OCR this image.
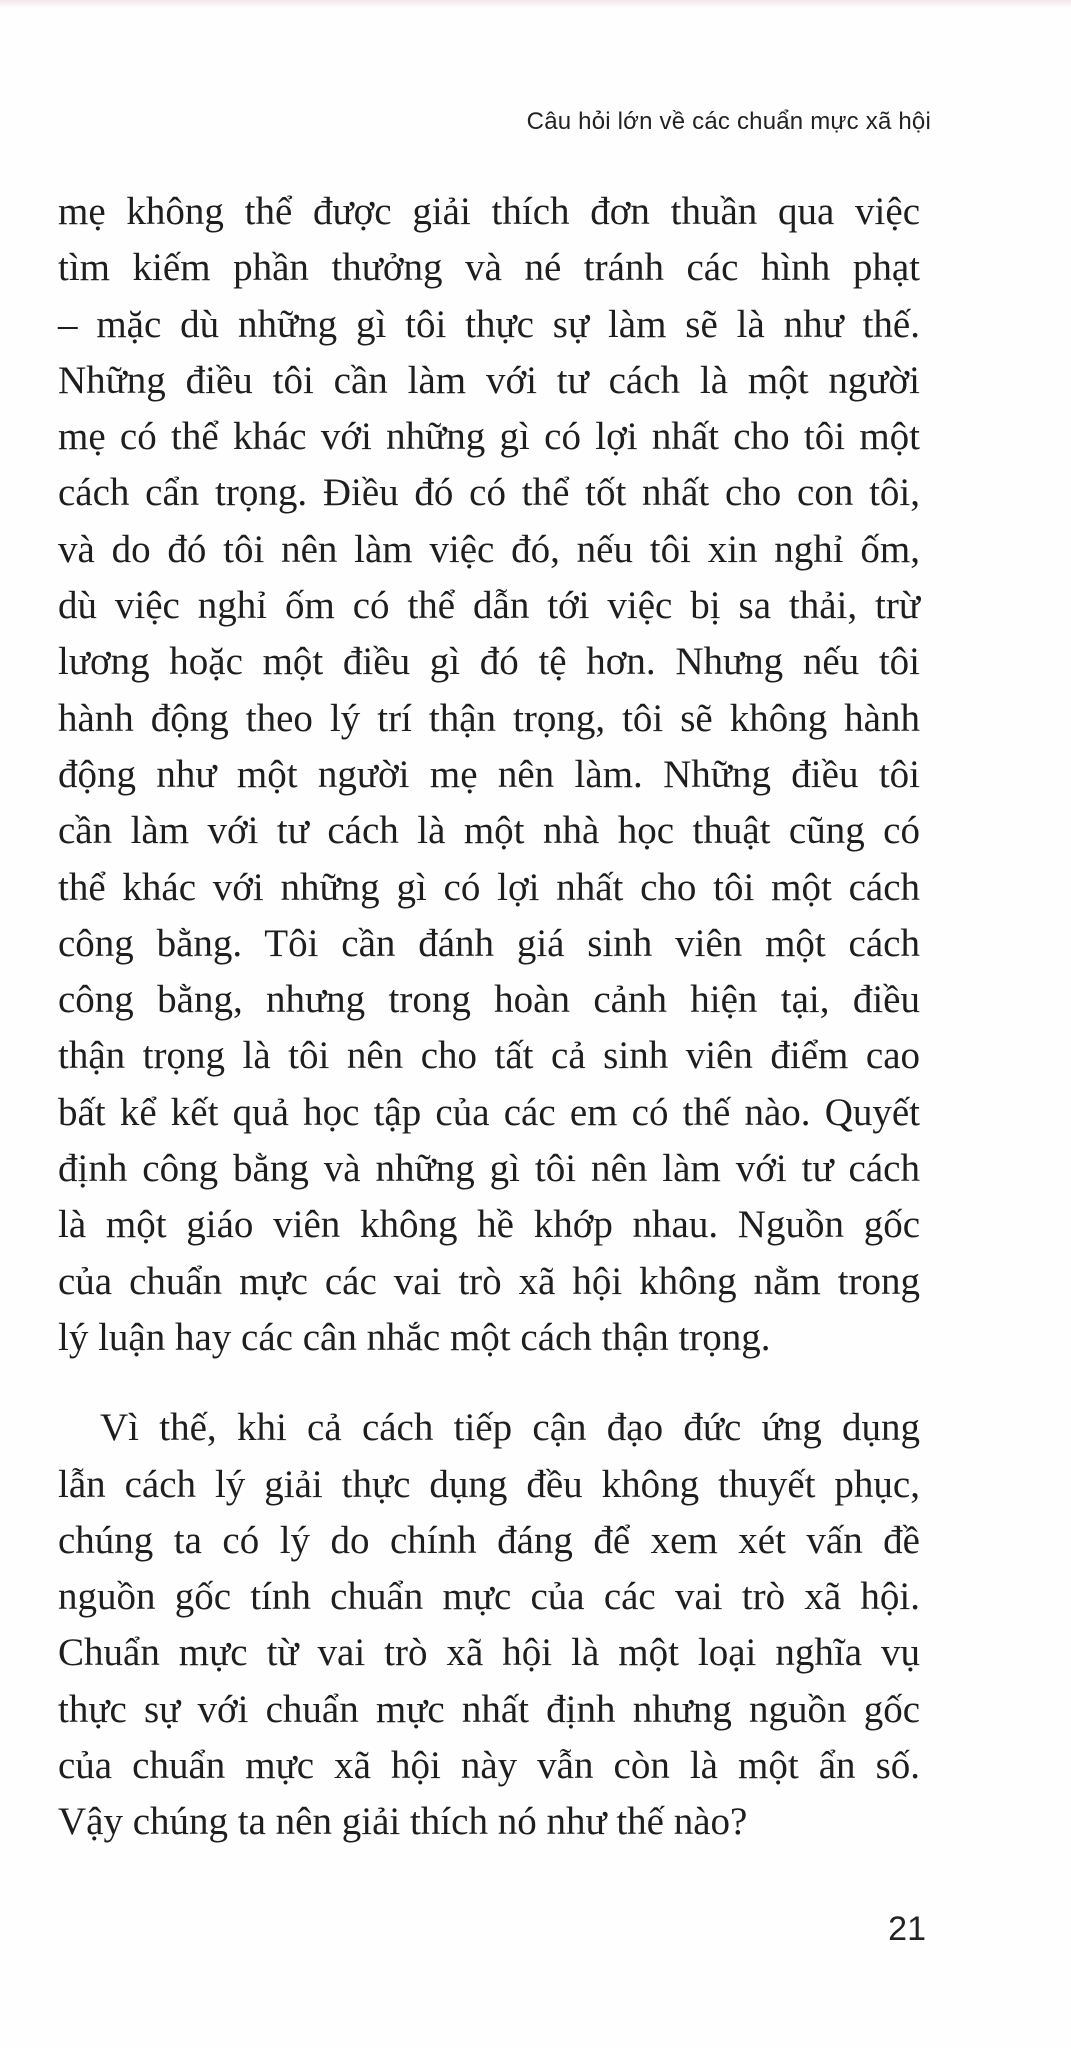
Câu hỏi lớn về các chuẩn mực xã hội
mẹ không thể được giải thích đơn thuần qua việc
tìm kiếm phần thưởng và né tránh các hình phạt
– mặc dù những gì tôi thực sự làm sẽ là như thế.
Những điều tôi cần làm với tư cách là một người
mẹ có thể khác với những gì có lợi nhất cho tôi một
cách cẩn trọng. Điều đó có thể tốt nhất cho con tôi,
và do đó tôi nên làm việc đó, nếu tôi xin nghỉ ốm,
dù việc nghỉ ốm có thể dẫn tới việc bị sa thải, trừ
lương hoặc một điều gì đó tệ hơn. Nhưng nếu tôi
hành động theo lý trí thận trọng, tôi sẽ không hành
động như một người mẹ nên làm. Những điều tôi
cần làm với tư cách là một nhà học thuật cũng có
thể khác với những gì có lợi nhất cho tôi một cách
công bằng. Tôi cần đánh giá sinh viên một cách
công bằng, nhưng trong hoàn cảnh hiện tại, điều
thận trọng là tôi nên cho tất cả sinh viên điểm cao
bất kể kết quả học tập của các em có thế nào. Quyết
định công bằng và những gì tôi nên làm với tư cách
là một giáo viên không hề khớp nhau. Nguồn gốc
của chuẩn mực các vai trò xã hội không nằm trong
lý luận hay các cân nhắc một cách thận trọng.
Vì thế, khi cả cách tiếp cận đạo đức ứng dụng
lẫn cách lý giải thực dụng đều không thuyết phục,
chúng ta có lý do chính đáng để xem xét vấn đề
nguồn gốc tính chuẩn mực của các vai trò xã hội.
Chuẩn mực từ vai trò xã hội là một loại nghĩa vụ
thực sự với chuẩn mực nhất định nhưng nguồn gốc
của chuẩn mực xã hội này vẫn còn là một ẩn số.
Vậy chúng ta nên giải thích nó như thế nào?
21
